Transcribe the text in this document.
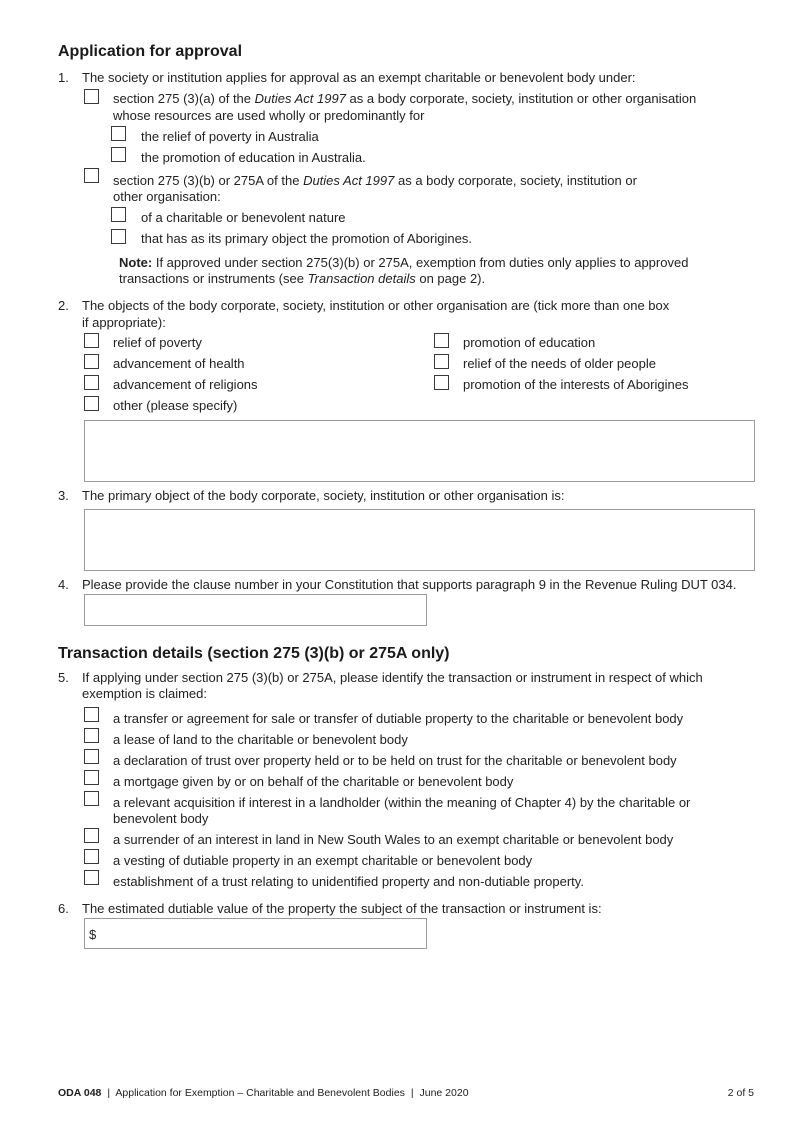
Application for approval
1. The society or institution applies for approval as an exempt charitable or benevolent body under:
section 275 (3)(a) of the Duties Act 1997 as a body corporate, society, institution or other organisation
whose resources are used wholly or predominantly for
the relief of poverty in Australia
the promotion of education in Australia.
section 275 (3)(b) or 275A of the Duties Act 1997 as a body corporate, society, institution or
other organisation:
of a charitable or benevolent nature
that has as its primary object the promotion of Aborigines.
Note: If approved under section 275(3)(b) or 275A, exemption from duties only applies to approved
transactions or instruments (see Transaction details on page 2).
2. The objects of the body corporate, society, institution or other organisation are (tick more than one box
if appropriate):
relief of poverty
advancement of health
advancement of religions
other (please specify)
promotion of education
relief of the needs of older people
promotion of the interests of Aborigines
3. The primary object of the body corporate, society, institution or other organisation is:
4. Please provide the clause number in your Constitution that supports paragraph 9 in the Revenue Ruling DUT 034.
Transaction details (section 275 (3)(b) or 275A only)
5. If applying under section 275 (3)(b) or 275A, please identify the transaction or instrument in respect of which
exemption is claimed:
a transfer or agreement for sale or transfer of dutiable property to the charitable or benevolent body
a lease of land to the charitable or benevolent body
a declaration of trust over property held or to be held on trust for the charitable or benevolent body
a mortgage given by or on behalf of the charitable or benevolent body
a relevant acquisition if interest in a landholder (within the meaning of Chapter 4) by the charitable or
benevolent body
a surrender of an interest in land in New South Wales to an exempt charitable or benevolent body
a vesting of dutiable property in an exempt charitable or benevolent body
establishment of a trust relating to unidentified property and non-dutiable property.
6. The estimated dutiable value of the property the subject of the transaction or instrument is:
$
ODA 048 | Application for Exemption – Charitable and Benevolent Bodies | June 2020	2 of 5
